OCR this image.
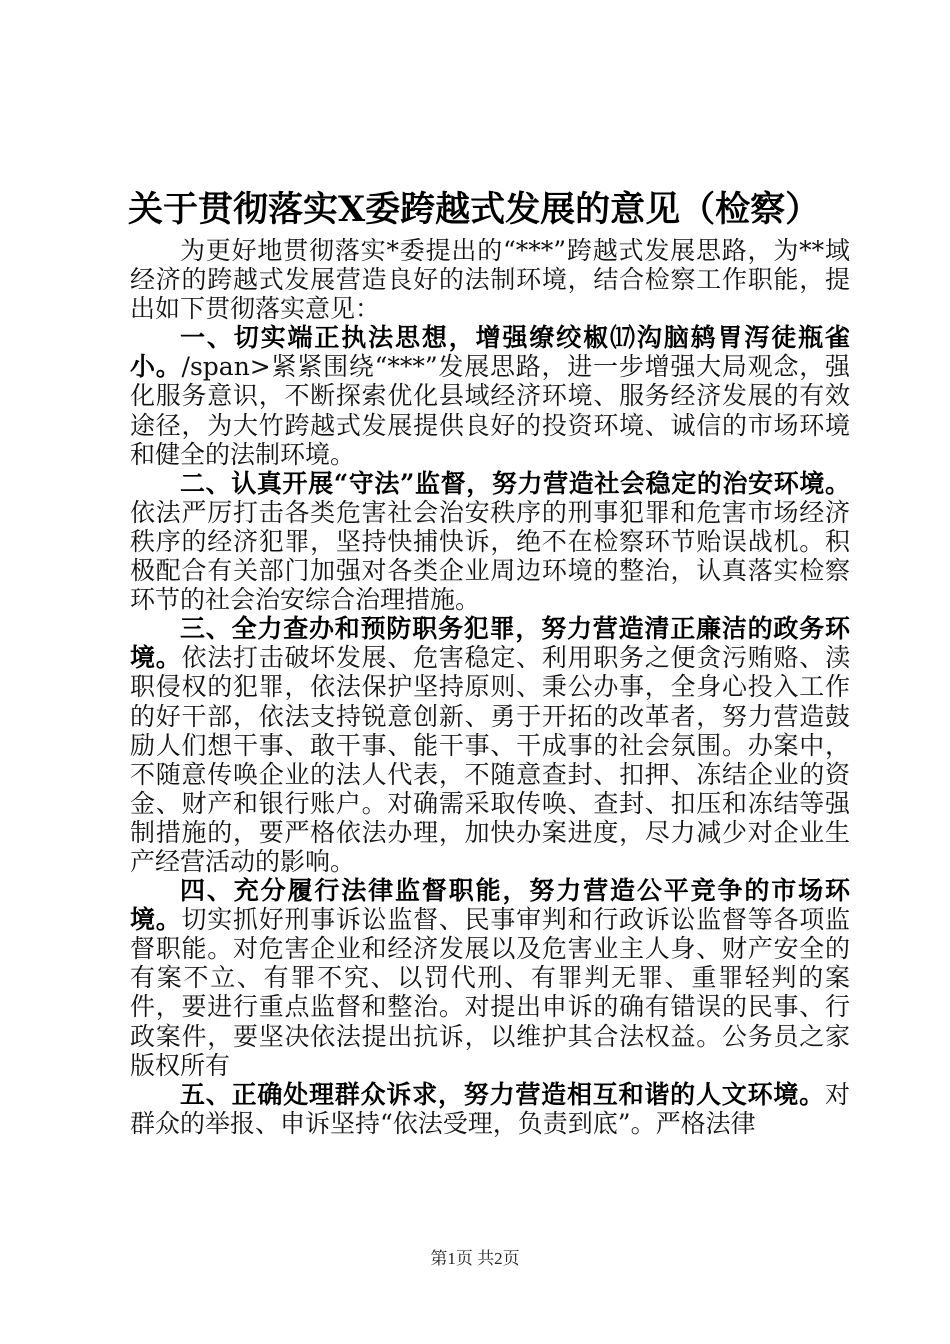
关于贯彻落实X委跨越式发展的意见（检察）

为更好地贯彻落实*委提出的“***”跨越式发展思路，为**域经济的跨越式发展营造良好的法制环境，结合检察工作职能，提出如下贯彻落实意见：

一、切实端正执法思想，增强缭绞椒⒄沟脑鸫胃泻徒瓶雀小。/span>紧紧围绕“***”发展思路，进一步增强大局观念，强化服务意识，不断探索优化县域经济环境、服务经济发展的有效途径，为大竹跨越式发展提供良好的投资环境、诚信的市场环境和健全的法制环境。

二、认真开展“守法”监督，努力营造社会稳定的治安环境。依法严厉打击各类危害社会治安秩序的刑事犯罪和危害市场经济秩序的经济犯罪，坚持快捕快诉，绝不在检察环节贻误战机。积极配合有关部门加强对各类企业周边环境的整治，认真落实检察环节的社会治安综合治理措施。

三、全力查办和预防职务犯罪，努力营造清正廉洁的政务环境。依法打击破坏发展、危害稳定、利用职务之便贪污贿赂、渎职侵权的犯罪，依法保护坚持原则、秉公办事，全身心投入工作的好干部，依法支持锐意创新、勇于开拓的改革者，努力营造鼓励人们想干事、敢干事、能干事、干成事的社会氛围。办案中，不随意传唤企业的法人代表，不随意查封、扣押、冻结企业的资金、财产和银行账户。对确需采取传唤、查封、扣压和冻结等强制措施的，要严格依法办理，加快办案进度，尽力减少对企业生产经营活动的影响。

四、充分履行法律监督职能，努力营造公平竞争的市场环境。切实抓好刑事诉讼监督、民事审判和行政诉讼监督等各项监督职能。对危害企业和经济发展以及危害业主人身、财产安全的有案不立、有罪不究、以罚代刑、有罪判无罪、重罪轻判的案件，要进行重点监督和整治。对提出申诉的确有错误的民事、行政案件，要坚决依法提出抗诉，以维护其合法权益。公务员之家版权所有

五、正确处理群众诉求，努力营造相互和谐的人文环境。对群众的举报、申诉坚持“依法受理，负责到底”。严格法律

第1页 共2页
